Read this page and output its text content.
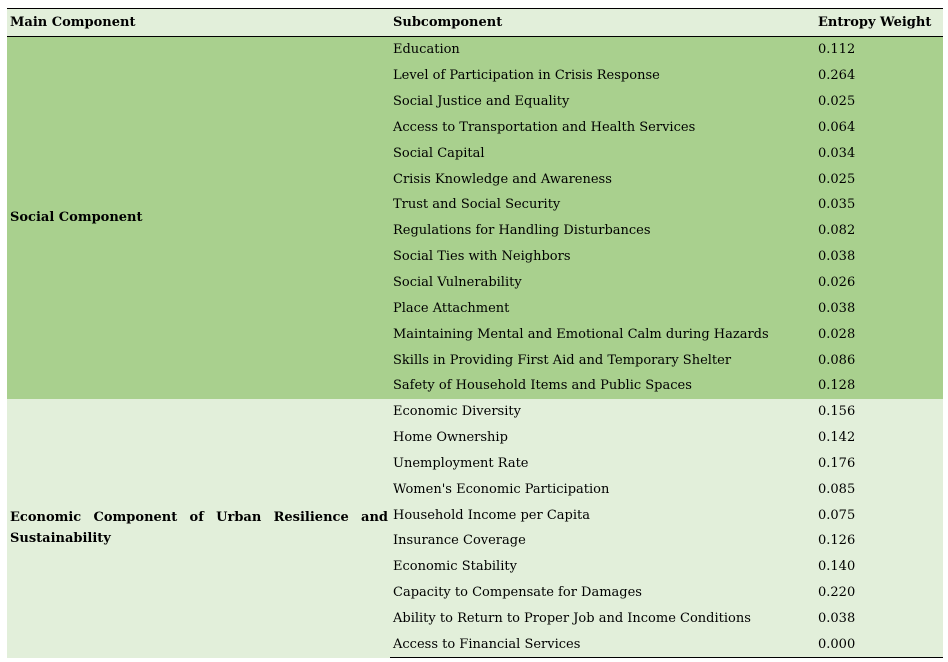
Main Component	Subcomponent	Entropy Weight
Social Component	Education	0.112
	Level of Participation in Crisis Response	0.264
	Social Justice and Equality	0.025
	Access to Transportation and Health Services	0.064
	Social Capital	0.034
	Crisis Knowledge and Awareness	0.025
	Trust and Social Security	0.035
	Regulations for Handling Disturbances	0.082
	Social Ties with Neighbors	0.038
	Social Vulnerability	0.026
	Place Attachment	0.038
	Maintaining Mental and Emotional Calm during Hazards	0.028
	Skills in Providing First Aid and Temporary Shelter	0.086
	Safety of Household Items and Public Spaces	0.128
Economic Component of Urban Resilience and Sustainability	Economic Diversity	0.156
	Home Ownership	0.142
	Unemployment Rate	0.176
	Women's Economic Participation	0.085
	Household Income per Capita	0.075
	Insurance Coverage	0.126
	Economic Stability	0.140
	Capacity to Compensate for Damages	0.220
	Ability to Return to Proper Job and Income Conditions	0.038
	Access to Financial Services	0.000
